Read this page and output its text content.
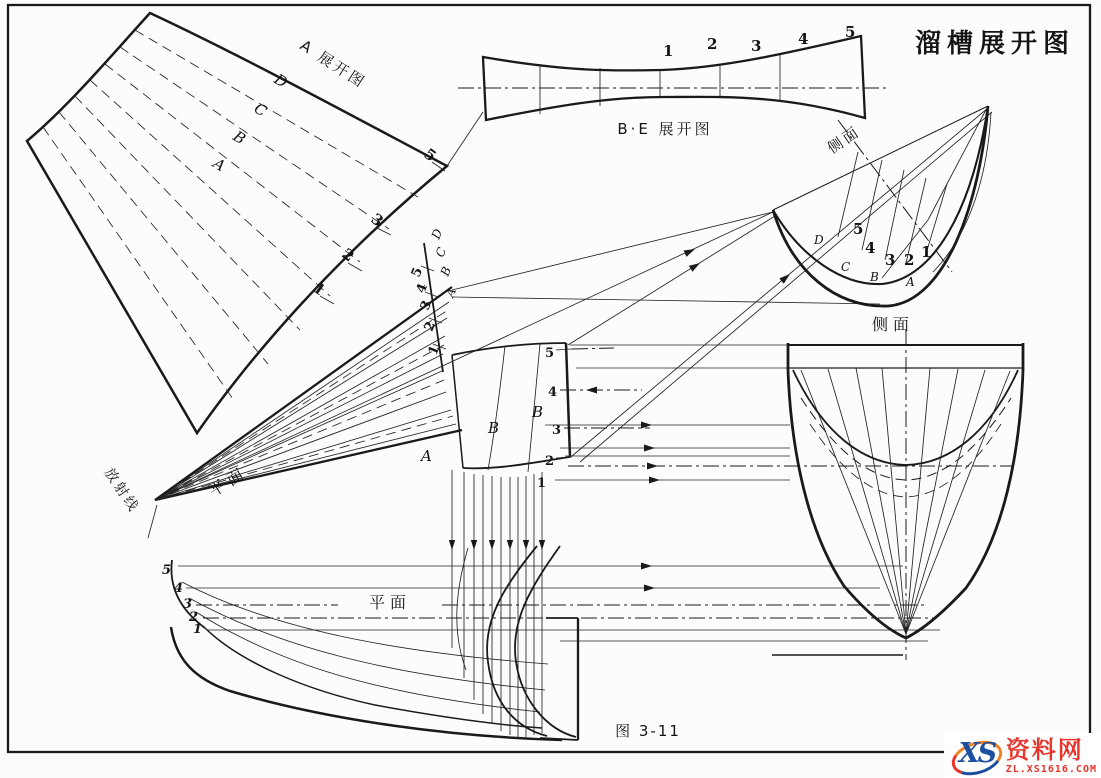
溜槽展开图
1 2 3 4 5
B·E 展开图
A
B
C
D
1
2
3
5
A 展开图
1
2
3
4
5
A
B
C
D
平面
放射线
B
B
A
5
4
3
2
1
5
4
3
2
1
平面
侧面
5
4
3 2 1
D
C
B A
侧面
图 3-11
XS 资料网
ZL.XS1616.COM
